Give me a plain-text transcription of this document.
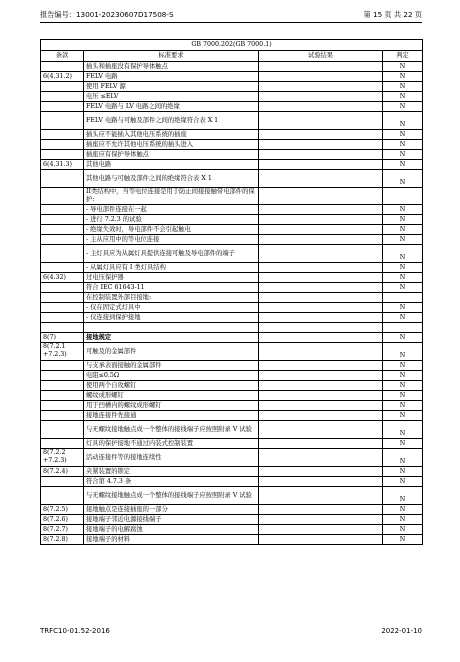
报告编号：13001-20230607D17508-S	第 15 页 共 22 页
GB 7000.202(GB 7000.1)			
条款	标准要求	试验结果	判定
	插头和插座没有保护导体触点		N
6(4.31.2)	FELV 电路		N
	使用 FELV 源		N
	电压 ≤ELV		N
	FELV 电路与 LV 电路之间的绝缘		N
	FELV 电路与可触及部件之间的绝缘符合表 X 1		N
	插头应不能插入其他电压系统的插座		N
	插座应不允许其他电压系统的插头进入		N
	插座应有保护导体触点		N
6(4.31.3)	其他电路		N
	其他电路与可触及部件之间的绝缘符合表 X 1		N
	II类结构中，当等电位连接是用于防止间接接触带电部件的保护:		
	- 导电部件连接在一起		N
	- 进行 7.2.3 的试验		N
	- 绝缘失效时，导电部件不会引起触电		N
	- 主从应用中的等电位连接		N
	- 主灯具应为从属灯具提供连接可触及导电部件的端子		N
	- 从属灯具应有 I 类灯具结构		N
6(4.32)	过电压保护器		N
	符合 IEC 61643-11		N
	在控制装置外部目接地:		
	- 仅在固定式灯具中		N
	- 仅连接到保护接地		N

8(7)	接地规定		N
8(7.2.1 +7.2.3)	可触及的金属部件		N
	与支承表面接触的金属部件		N
	电阻≤0.5Ω		N
	使用两个自攻螺钉		N
	螺纹成形螺钉		N
	用于凹槽内的螺纹成形螺钉		N
	接地连接件先接通		N
	与无螺纹接地触点成一个整体的接线端子应按照附录 V 试验		N
	灯具的保护接地不通过内装式控制装置		N
8(7.2.2 +7.2.3)	活动连接件等的接地连续性		N
8(7.2.4)	夹紧装置的锁定		N
	符合第 4.7.3 条		N
	与无螺纹接地触点成一个整体的接线端子应按照附录 V 试验		N
8(7.2.5)	接地触点是连接插座的一部分		N
8(7.2.6)	接地端子邻近电源接线端子		N
8(7.2.7)	接地端子的电解腐蚀		N
8(7.2.8)	接地端子的材料		N
TRFC10-01.52-2016	2022-01-10
